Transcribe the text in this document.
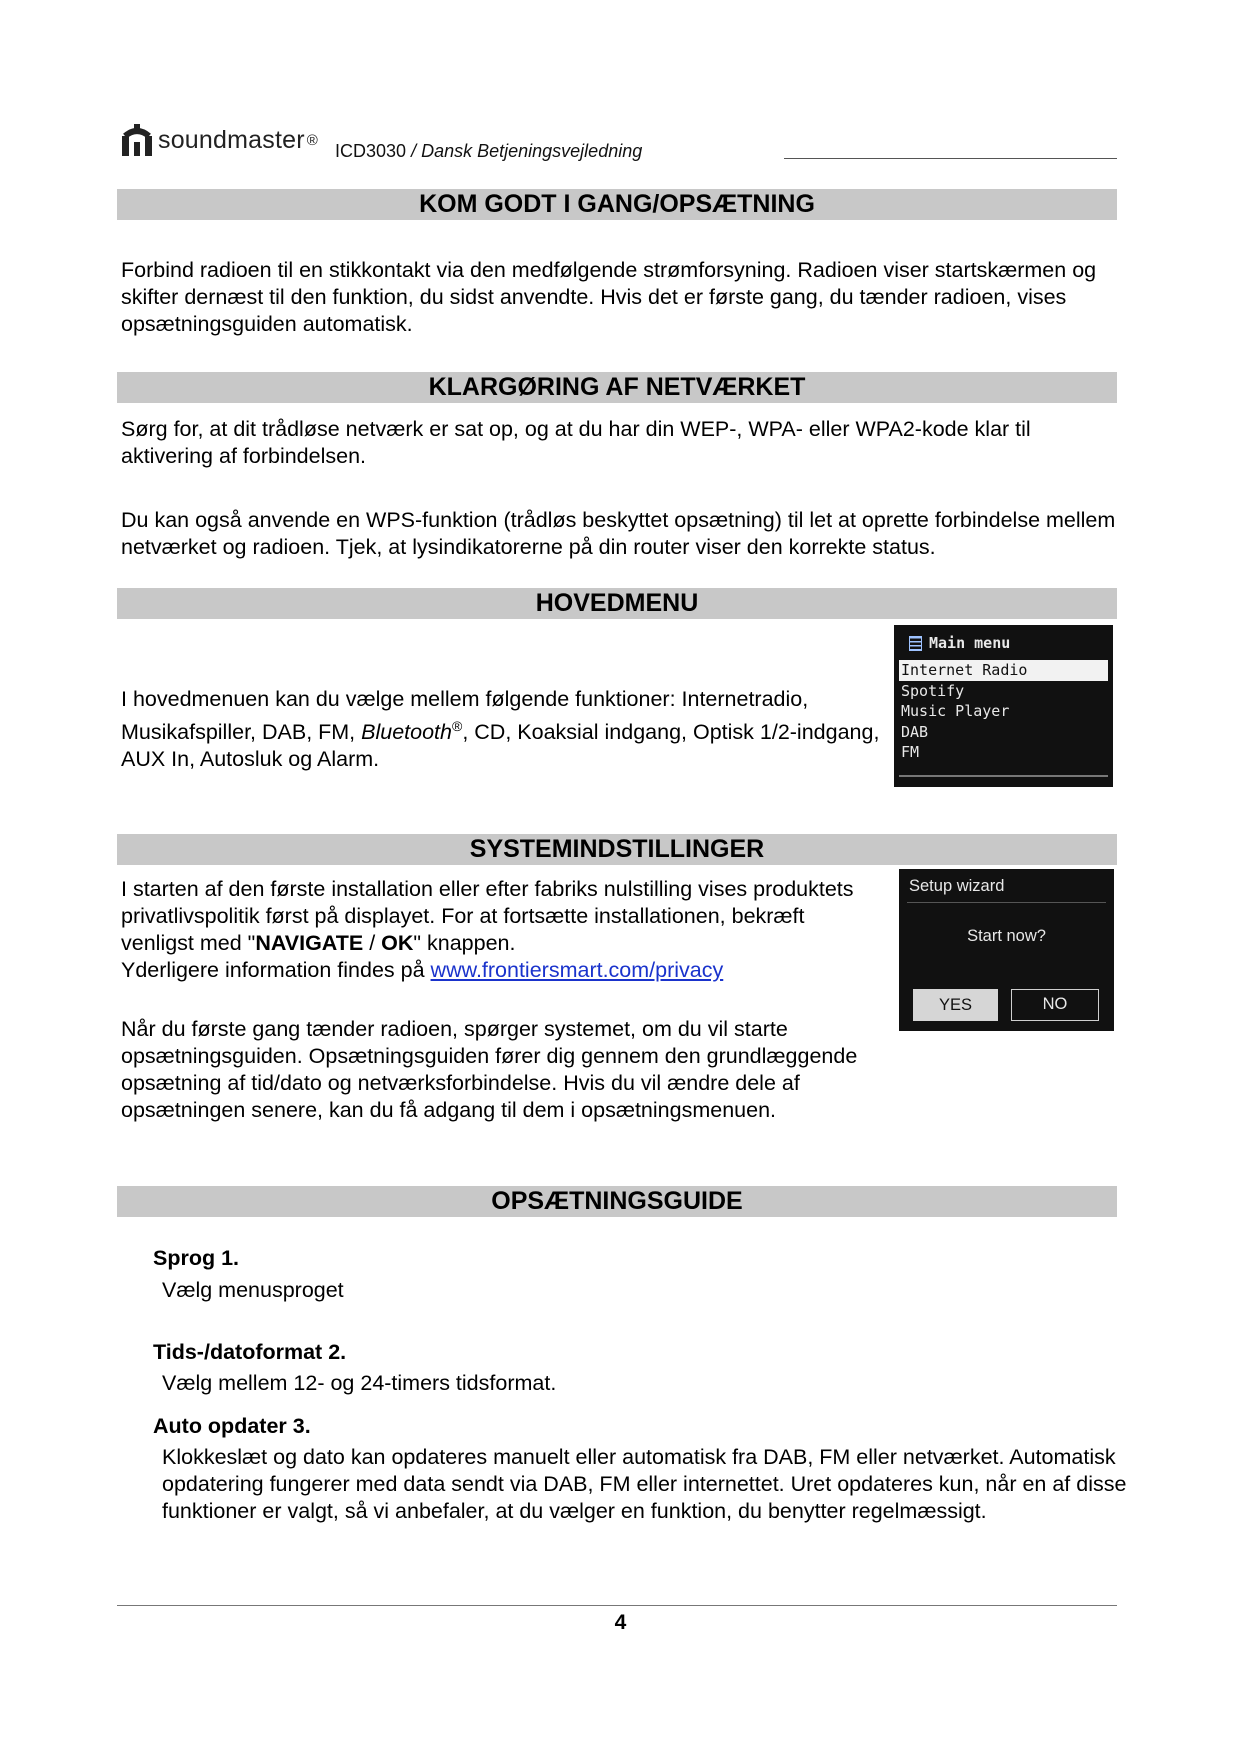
soundmaster ®
ICD3030 / Dansk Betjeningsvejledning
KOM GODT I GANG/OPSÆTNING
Forbind radioen til en stikkontakt via den medfølgende strømforsyning. Radioen viser startskærmen og skifter dernæst til den funktion, du sidst anvendte. Hvis det er første gang, du tænder radioen, vises opsætningsguiden automatisk.
KLARGØRING AF NETVÆRKET
Sørg for, at dit trådløse netværk er sat op, og at du har din WEP-, WPA- eller WPA2-kode klar til aktivering af forbindelsen.
Du kan også anvende en WPS-funktion (trådløs beskyttet opsætning) til let at oprette forbindelse mellem netværket og radioen. Tjek, at lysindikatorerne på din router viser den korrekte status.
HOVEDMENU
I hovedmenuen kan du vælge mellem følgende funktioner: Internetradio, Musikafspiller, DAB, FM, Bluetooth®, CD, Koaksial indgang, Optisk 1/2-indgang, AUX In, Autosluk og Alarm.
Main menu
Internet Radio
Spotify
Music Player
DAB
FM
SYSTEMINDSTILLINGER
I starten af den første installation eller efter fabriks nulstilling vises produktets privatlivspolitik først på displayet. For at fortsætte installationen, bekræft venligst med "NAVIGATE / OK" knappen.
Yderligere information findes på www.frontiersmart.com/privacy
Når du første gang tænder radioen, spørger systemet, om du vil starte opsætningsguiden. Opsætningsguiden fører dig gennem den grundlæggende opsætning af tid/dato og netværksforbindelse. Hvis du vil ændre dele af opsætningen senere, kan du få adgang til dem i opsætningsmenuen.
Setup wizard
Start now?
YES	NO
OPSÆTNINGSGUIDE
Sprog 1.
Vælg menusproget
Tids-/datoformat 2.
Vælg mellem 12- og 24-timers tidsformat.
Auto opdater 3.
Klokkeslæt og dato kan opdateres manuelt eller automatisk fra DAB, FM eller netværket. Automatisk opdatering fungerer med data sendt via DAB, FM eller internettet. Uret opdateres kun, når en af disse funktioner er valgt, så vi anbefaler, at du vælger en funktion, du benytter regelmæssigt.
4
